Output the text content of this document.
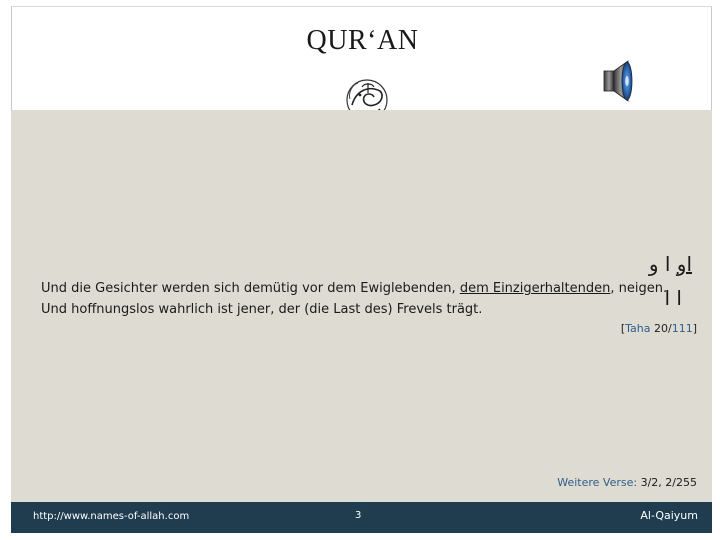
QUR‘AN
او ا و
ا ا
[Taha 20/111]
Und die Gesichter werden sich demütig vor dem Ewiglebenden, dem Einzigerhaltenden, neigen. Und hoffnungslos wahrlich ist jener, der (die Last des) Frevels trägt.
Weitere Verse: 3/2, 2/255
http://www.names-of-allah.com	3	Al-Qaiyum
